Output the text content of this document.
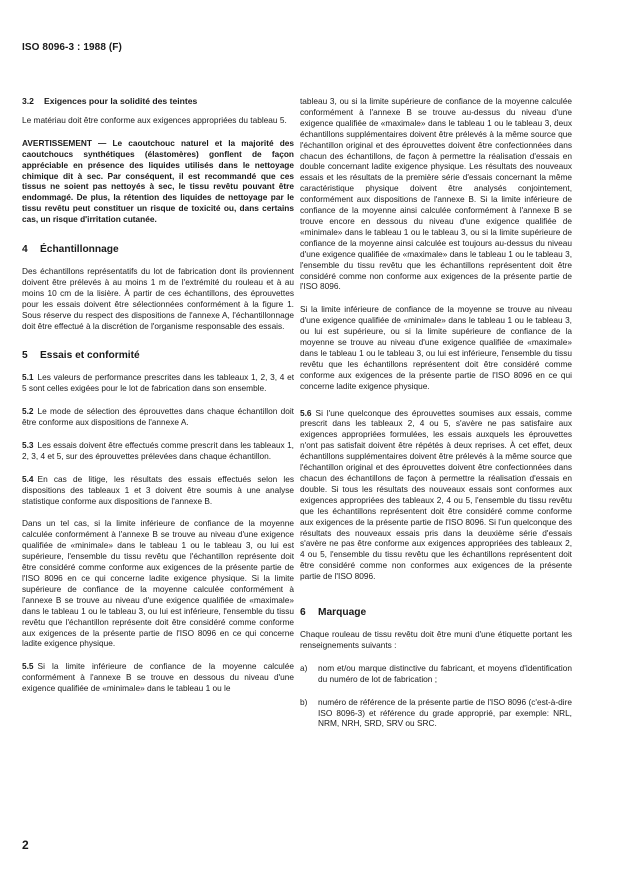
ISO 8096-3 : 1988 (F)
3.2 Exigences pour la solidité des teintes

Le matériau doit être conforme aux exigences appropriées du tableau 5.

AVERTISSEMENT — Le caoutchouc naturel et la majorité des caoutchoucs synthétiques (élastomères) gonflent de façon appréciable en présence des liquides utilisés dans le nettoyage chimique dit à sec. Par conséquent, il est recommandé que ces tissus ne soient pas nettoyés à sec, le tissu revêtu pouvant être endommagé. De plus, la rétention des liquides de nettoyage par le tissu revêtu peut constituer un risque de toxicité ou, dans certains cas, un risque d'irritation cutanée.

4 Échantillonnage

Des échantillons représentatifs du lot de fabrication dont ils proviennent doivent être prélevés à au moins 1 m de l'extrémité du rouleau et à au moins 10 cm de la lisière. À partir de ces échantillons, des éprouvettes pour les essais doivent être sélectionnées conformément à la figure 1. Sous réserve du respect des dispositions de l'annexe A, l'échantillonnage doit être effectué à la discrétion de l'organisme responsable des essais.

5 Essais et conformité

5.1 Les valeurs de performance prescrites dans les tableaux 1, 2, 3, 4 et 5 sont celles exigées pour le lot de fabrication dans son ensemble.

5.2 Le mode de sélection des éprouvettes dans chaque échantillon doit être conforme aux dispositions de l'annexe A.

5.3 Les essais doivent être effectués comme prescrit dans les tableaux 1, 2, 3, 4 et 5, sur des éprouvettes prélevées dans chaque échantillon.

5.4 En cas de litige, les résultats des essais effectués selon les dispositions des tableaux 1 et 3 doivent être soumis à une analyse statistique conforme aux dispositions de l'annexe B.

Dans un tel cas, si la limite inférieure de confiance de la moyenne calculée conformément à l'annexe B se trouve au niveau d'une exigence qualifiée de «minimale» dans le tableau 1 ou le tableau 3, ou lui est supérieure, l'ensemble du tissu revêtu que l'échantillon représente doit être considéré comme conforme aux exigences de la présente partie de l'ISO 8096 en ce qui concerne ladite exigence physique. Si la limite supérieure de confiance de la moyenne calculée conformément à l'annexe B se trouve au niveau d'une exigence qualifiée de «maximale» dans le tableau 1 ou le tableau 3, ou lui est inférieure, l'ensemble du tissu revêtu que l'échantillon représente doit être considéré comme conforme aux exigences de la présente partie de l'ISO 8096 en ce qui concerne ladite exigence physique.

5.5 Si la limite inférieure de confiance de la moyenne calculée conformément à l'annexe B se trouve en dessous du niveau d'une exigence qualifiée de «minimale» dans le tableau 1 ou le

tableau 3, ou si la limite supérieure de confiance de la moyenne calculée conformément à l'annexe B se trouve au-dessus du niveau d'une exigence qualifiée de «maximale» dans le tableau 1 ou le tableau 3, deux échantillons supplémentaires doivent être prélevés à la même source que l'échantillon original et des éprouvettes doivent être confectionnées dans chacun des échantillons, de façon à permettre la réalisation d'essais en double concernant ladite exigence physique. Les résultats des nouveaux essais et les résultats de la première série d'essais concernant la même caractéristique physique doivent être analysés conjointement, conformément aux dispositions de l'annexe B. Si la limite inférieure de confiance de la moyenne ainsi calculée conformément à l'annexe B se trouve encore en dessous du niveau d'une exigence qualifiée de «minimale» dans le tableau 1 ou le tableau 3, ou si la limite supérieure de confiance de la moyenne ainsi calculée est toujours au-dessus du niveau d'une exigence qualifiée de «maximale» dans le tableau 1 ou le tableau 3, l'ensemble du tissu revêtu que les échantillons représentent doit être considéré comme non conforme aux exigences de la présente partie de l'ISO 8096.

Si la limite inférieure de confiance de la moyenne se trouve au niveau d'une exigence qualifiée de «minimale» dans le tableau 1 ou le tableau 3, ou lui est supérieure, ou si la limite supérieure de confiance de la moyenne se trouve au niveau d'une exigence qualifiée de «maximale» dans le tableau 1 ou le tableau 3, ou lui est inférieure, l'ensemble du tissu revêtu que les échantillons représentent doit être considéré comme conforme aux exigences de la présente partie de l'ISO 8096 en ce qui concerne ladite exigence physique.

5.6 Si l'une quelconque des éprouvettes soumises aux essais, comme prescrit dans les tableaux 2, 4 ou 5, s'avère ne pas satisfaire aux exigences appropriées formulées, les essais auxquels les éprouvettes n'ont pas satisfait doivent être répétés à deux reprises. À cet effet, deux échantillons supplémentaires doivent être prélevés à la même source que l'échantillon original et des éprouvettes doivent être confectionnées dans chacun des échantillons de façon à permettre la réalisation d'essais en double. Si tous les résultats des nouveaux essais sont conformes aux exigences appropriées des tableaux 2, 4 ou 5, l'ensemble du tissu revêtu que les échantillons représentent doit être considéré comme conforme aux exigences de la présente partie de l'ISO 8096. Si l'un quelconque des résultats des nouveaux essais pris dans la deuxième série d'essais s'avère ne pas être conforme aux exigences appropriées des tableaux 2, 4 ou 5, l'ensemble du tissu revêtu que les échantillons représentent doit être considéré comme non conformes aux exigences de la présente partie de l'ISO 8096.

6 Marquage

Chaque rouleau de tissu revêtu doit être muni d'une étiquette portant les renseignements suivants :

a)	nom et/ou marque distinctive du fabricant, et moyens d'identification du numéro de lot de fabrication ;
b)	numéro de référence de la présente partie de l'ISO 8096 (c'est-à-dire ISO 8096-3) et référence du grade approprié, par exemple: NRL, NRM, NRH, SRD, SRV ou SRC.
2
